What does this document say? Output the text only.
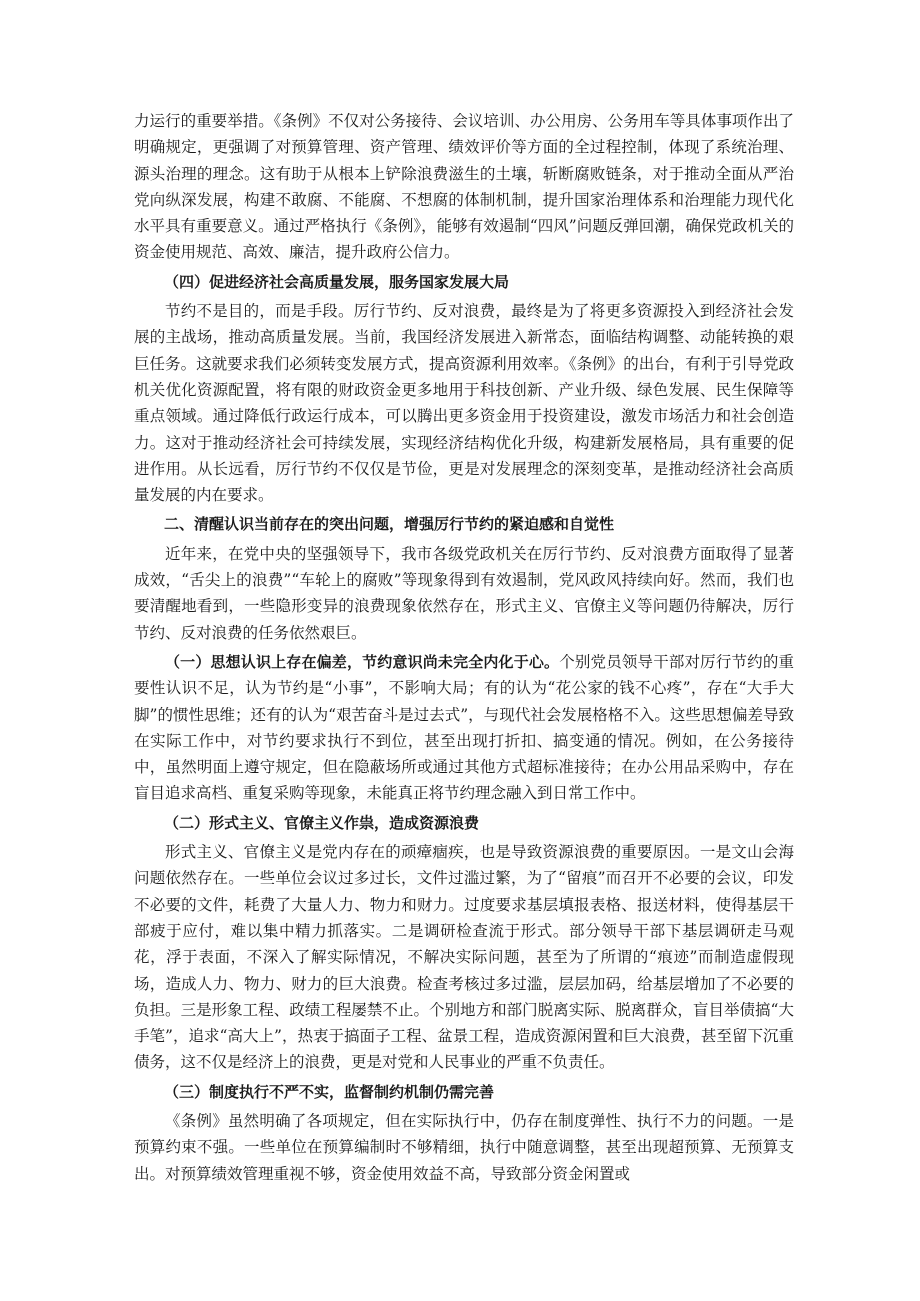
力运行的重要举措。《条例》不仅对公务接待、会议培训、办公用房、公务用车等具体事项作出了明确规定，更强调了对预算管理、资产管理、绩效评价等方面的全过程控制，体现了系统治理、源头治理的理念。这有助于从根本上铲除浪费滋生的土壤，斩断腐败链条，对于推动全面从严治党向纵深发展，构建不敢腐、不能腐、不想腐的体制机制，提升国家治理体系和治理能力现代化水平具有重要意义。通过严格执行《条例》，能够有效遏制“四风”问题反弹回潮，确保党政机关的资金使用规范、高效、廉洁，提升政府公信力。

（四）促进经济社会高质量发展，服务国家发展大局

节约不是目的，而是手段。厉行节约、反对浪费，最终是为了将更多资源投入到经济社会发展的主战场，推动高质量发展。当前，我国经济发展进入新常态，面临结构调整、动能转换的艰巨任务。这就要求我们必须转变发展方式，提高资源利用效率。《条例》的出台，有利于引导党政机关优化资源配置，将有限的财政资金更多地用于科技创新、产业升级、绿色发展、民生保障等重点领域。通过降低行政运行成本，可以腾出更多资金用于投资建设，激发市场活力和社会创造力。这对于推动经济社会可持续发展，实现经济结构优化升级，构建新发展格局，具有重要的促进作用。从长远看，厉行节约不仅仅是节俭，更是对发展理念的深刻变革，是推动经济社会高质量发展的内在要求。

二、清醒认识当前存在的突出问题，增强厉行节约的紧迫感和自觉性

近年来，在党中央的坚强领导下，我市各级党政机关在厉行节约、反对浪费方面取得了显著成效，“舌尖上的浪费”“车轮上的腐败”等现象得到有效遏制，党风政风持续向好。然而，我们也要清醒地看到，一些隐形变异的浪费现象依然存在，形式主义、官僚主义等问题仍待解决，厉行节约、反对浪费的任务依然艰巨。

（一）思想认识上存在偏差，节约意识尚未完全内化于心。个别党员领导干部对厉行节约的重要性认识不足，认为节约是“小事”，不影响大局；有的认为“花公家的钱不心疼”，存在“大手大脚”的惯性思维；还有的认为“艰苦奋斗是过去式”，与现代社会发展格格不入。这些思想偏差导致在实际工作中，对节约要求执行不到位，甚至出现打折扣、搞变通的情况。例如，在公务接待中，虽然明面上遵守规定，但在隐蔽场所或通过其他方式超标准接待；在办公用品采购中，存在盲目追求高档、重复采购等现象，未能真正将节约理念融入到日常工作中。

（二）形式主义、官僚主义作祟，造成资源浪费

形式主义、官僚主义是党内存在的顽瘴痼疾，也是导致资源浪费的重要原因。一是文山会海问题依然存在。一些单位会议过多过长，文件过滥过繁，为了“留痕”而召开不必要的会议，印发不必要的文件，耗费了大量人力、物力和财力。过度要求基层填报表格、报送材料，使得基层干部疲于应付，难以集中精力抓落实。二是调研检查流于形式。部分领导干部下基层调研走马观花，浮于表面，不深入了解实际情况，不解决实际问题，甚至为了所谓的“痕迹”而制造虚假现场，造成人力、物力、财力的巨大浪费。检查考核过多过滥，层层加码，给基层增加了不必要的负担。三是形象工程、政绩工程屡禁不止。个别地方和部门脱离实际、脱离群众，盲目举债搞“大手笔”，追求“高大上”，热衷于搞面子工程、盆景工程，造成资源闲置和巨大浪费，甚至留下沉重债务，这不仅是经济上的浪费，更是对党和人民事业的严重不负责任。

（三）制度执行不严不实，监督制约机制仍需完善

《条例》虽然明确了各项规定，但在实际执行中，仍存在制度弹性、执行不力的问题。一是预算约束不强。一些单位在预算编制时不够精细，执行中随意调整，甚至出现超预算、无预算支出。对预算绩效管理重视不够，资金使用效益不高，导致部分资金闲置或
